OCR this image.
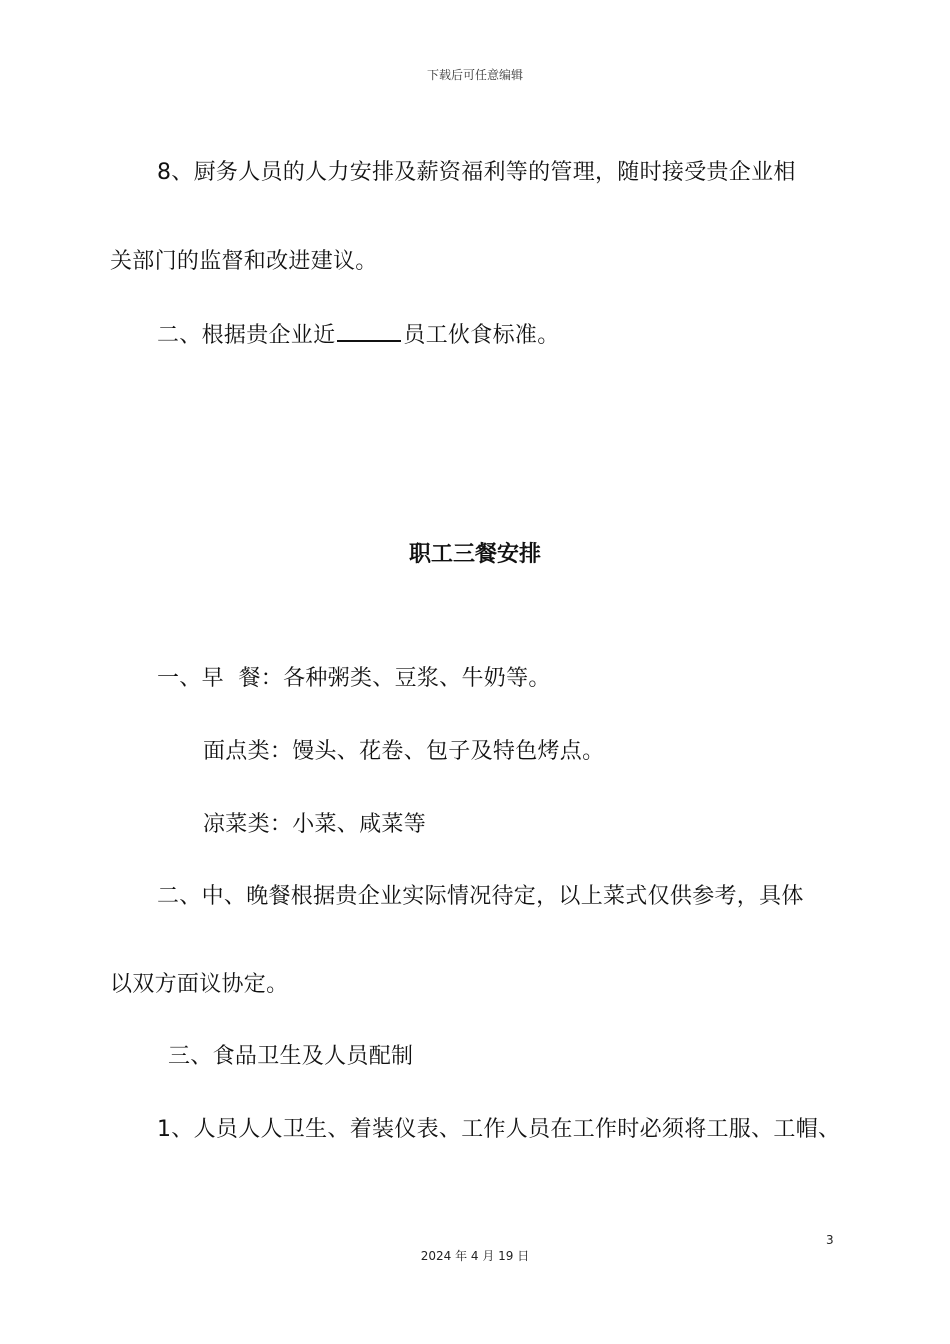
下载后可任意编辑
8、厨务人员的人力安排及薪资福利等的管理，随时接受贵企业相
关部门的监督和改进建议。
二、根据贵企业近	员工伙食标准。
职工三餐安排
一、早  餐：各种粥类、豆浆、牛奶等。
面点类：馒头、花卷、包子及特色烤点。
凉菜类：小菜、咸菜等
二、中、晚餐根据贵企业实际情况待定，以上菜式仅供参考，具体
以双方面议协定。
三、食品卫生及人员配制
1、人员人人卫生、着装仪表、工作人员在工作时必须将工服、工帽、
3
2024 年 4 月 19 日
